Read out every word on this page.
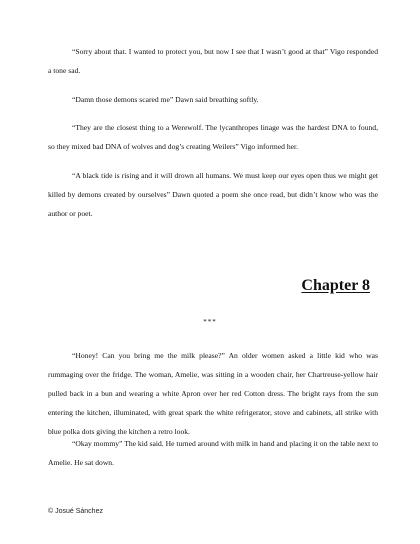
“Sorry about that. I wanted to protect you, but now I see that I wasn’t good at that” Vigo responded a tone sad.

“Damn those demons scared me” Dawn said breathing softly.

“They are the closest thing to a Werewolf. The lycanthropes linage was the hardest DNA to found, so they mixed bad DNA of wolves and dog’s creating Weilers” Vigo informed her.

“A black tide is rising and it will drown all humans. We must keep our eyes open thus we might get killed by demons created by ourselves” Dawn quoted a poem she once read, but didn’t know who was the author or poet.

Chapter 8

***

“Honey! Can you bring me the milk please?” An older women asked a little kid who was rummaging over the fridge. The woman, Amelie, was sitting in a wooden chair, her Chartreuse-yellow hair pulled back in a bun and wearing a white Apron over her red Cotton dress. The bright rays from the sun entering the kitchen, illuminated, with great spark the white refrigerator, stove and cabinets, all strike with blue polka dots giving the kitchen a retro look.

“Okay mommy” The kid said. He turned around with milk in hand and placing it on the table next to Amelie. He sat down.

© Josué Sánchez
